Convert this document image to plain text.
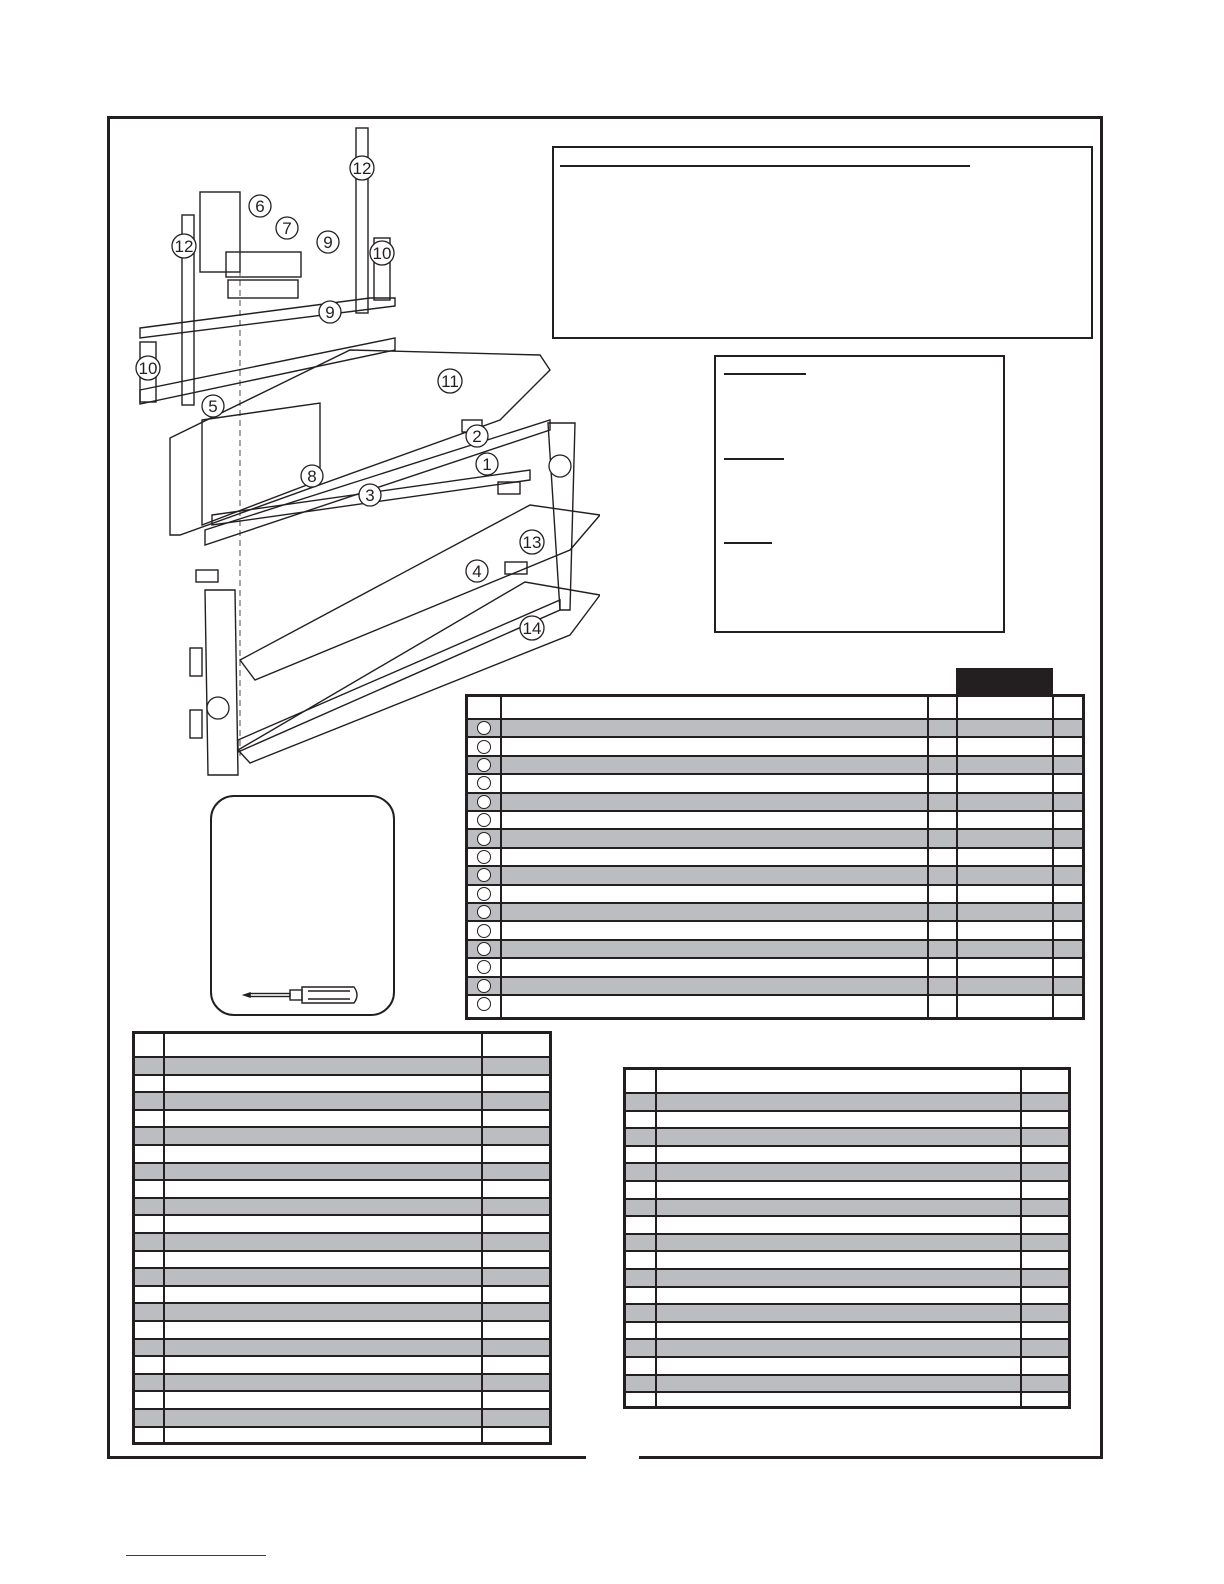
6
7
9
9
12
12
10
10
5
11
2
1
8
3
13
4
14
